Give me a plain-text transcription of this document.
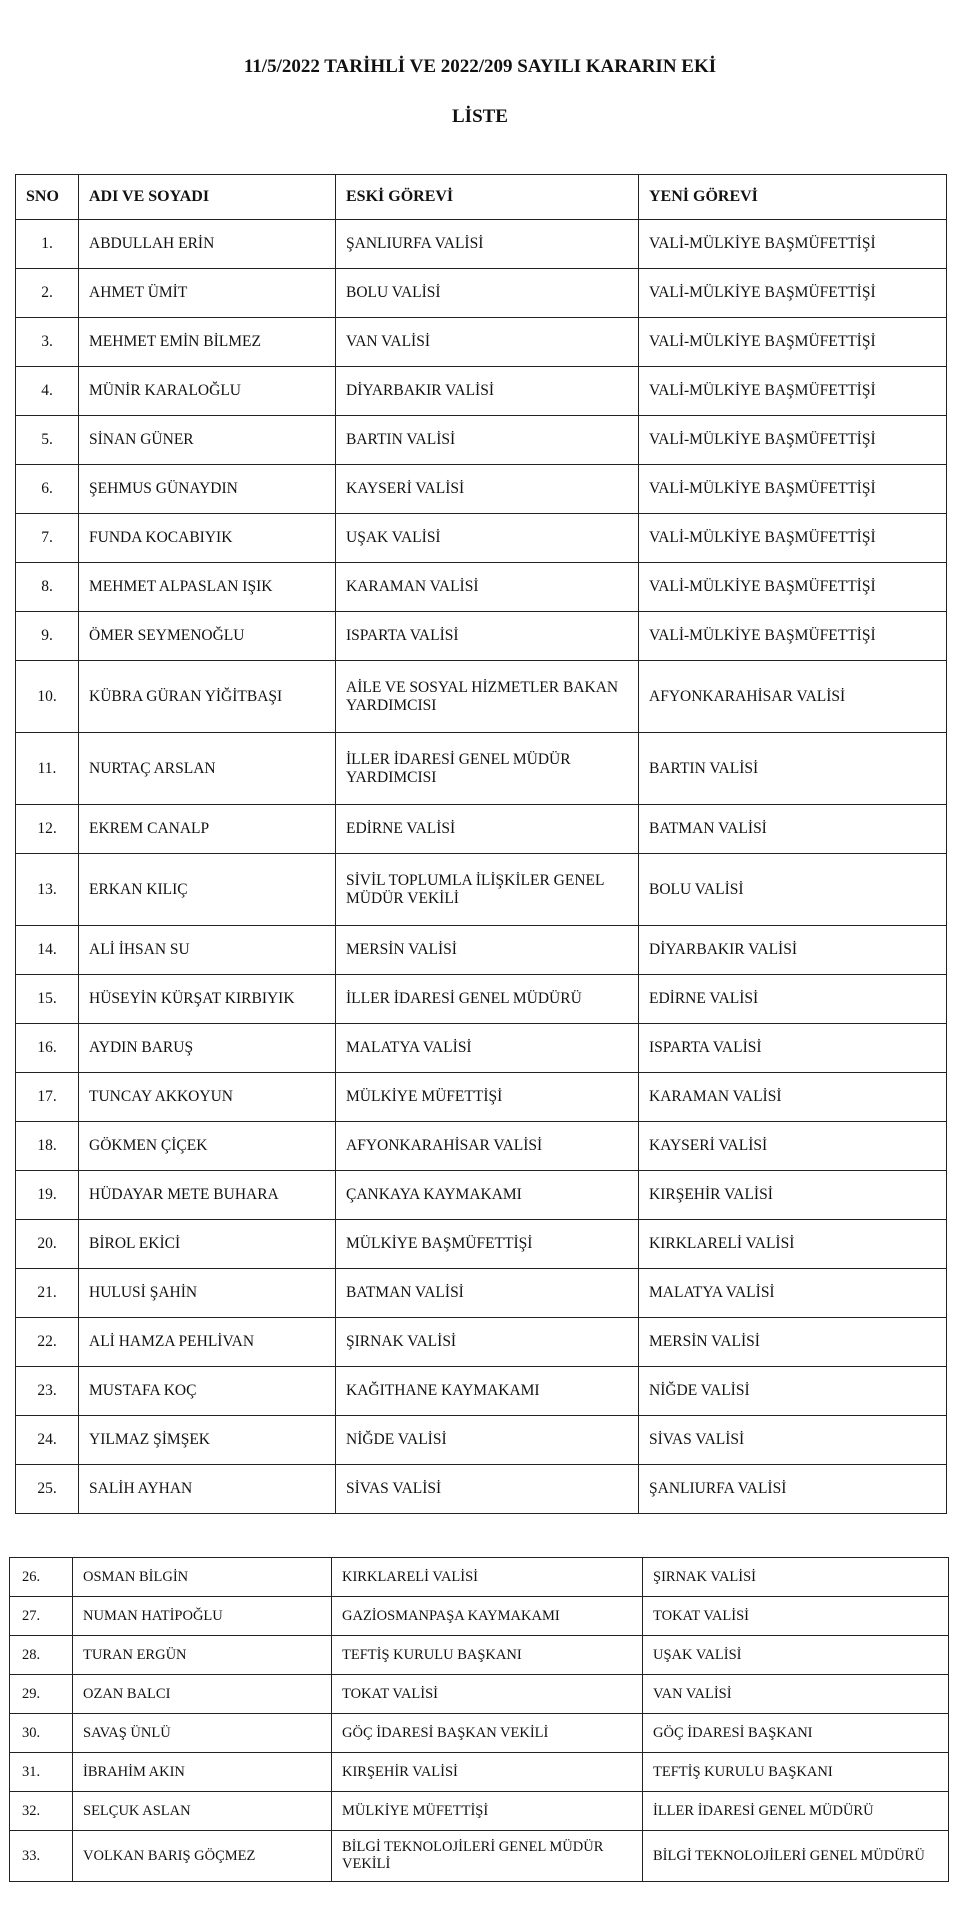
11/5/2022 TARİHLİ VE 2022/209 SAYILI KARARIN EKİ
LİSTE
SNO	ADI VE SOYADI	ESKİ GÖREVİ	YENİ GÖREVİ
1.	ABDULLAH ERİN	ŞANLIURFA VALİSİ	VALİ-MÜLKİYE BAŞMÜFETTİŞİ
2.	AHMET ÜMİT	BOLU VALİSİ	VALİ-MÜLKİYE BAŞMÜFETTİŞİ
3.	MEHMET EMİN BİLMEZ	VAN VALİSİ	VALİ-MÜLKİYE BAŞMÜFETTİŞİ
4.	MÜNİR KARALOĞLU	DİYARBAKIR VALİSİ	VALİ-MÜLKİYE BAŞMÜFETTİŞİ
5.	SİNAN GÜNER	BARTIN VALİSİ	VALİ-MÜLKİYE BAŞMÜFETTİŞİ
6.	ŞEHMUS GÜNAYDIN	KAYSERİ VALİSİ	VALİ-MÜLKİYE BAŞMÜFETTİŞİ
7.	FUNDA KOCABIYIK	UŞAK VALİSİ	VALİ-MÜLKİYE BAŞMÜFETTİŞİ
8.	MEHMET ALPASLAN IŞIK	KARAMAN VALİSİ	VALİ-MÜLKİYE BAŞMÜFETTİŞİ
9.	ÖMER SEYMENOĞLU	ISPARTA VALİSİ	VALİ-MÜLKİYE BAŞMÜFETTİŞİ
10.	KÜBRA GÜRAN YİĞİTBAŞI	AİLE VE SOSYAL HİZMETLER BAKAN YARDIMCISI	AFYONKARAHİSAR VALİSİ
11.	NURTAÇ ARSLAN	İLLER İDARESİ GENEL MÜDÜR YARDIMCISI	BARTIN VALİSİ
12.	EKREM CANALP	EDİRNE VALİSİ	BATMAN VALİSİ
13.	ERKAN KILIÇ	SİVİL TOPLUMLA İLİŞKİLER GENEL MÜDÜR VEKİLİ	BOLU VALİSİ
14.	ALİ İHSAN SU	MERSİN VALİSİ	DİYARBAKIR VALİSİ
15.	HÜSEYİN KÜRŞAT KIRBIYIK	İLLER İDARESİ GENEL MÜDÜRÜ	EDİRNE VALİSİ
16.	AYDIN BARUŞ	MALATYA VALİSİ	ISPARTA VALİSİ
17.	TUNCAY AKKOYUN	MÜLKİYE MÜFETTİŞİ	KARAMAN VALİSİ
18.	GÖKMEN ÇİÇEK	AFYONKARAHİSAR VALİSİ	KAYSERİ VALİSİ
19.	HÜDAYAR METE BUHARA	ÇANKAYA KAYMAKAMI	KIRŞEHİR VALİSİ
20.	BİROL EKİCİ	MÜLKİYE BAŞMÜFETTİŞİ	KIRKLARELİ VALİSİ
21.	HULUSİ ŞAHİN	BATMAN VALİSİ	MALATYA VALİSİ
22.	ALİ HAMZA PEHLİVAN	ŞIRNAK VALİSİ	MERSİN VALİSİ
23.	MUSTAFA KOÇ	KAĞITHANE KAYMAKAMI	NİĞDE VALİSİ
24.	YILMAZ ŞİMŞEK	NİĞDE VALİSİ	SİVAS VALİSİ
25.	SALİH AYHAN	SİVAS VALİSİ	ŞANLIURFA VALİSİ
26.	OSMAN BİLGİN	KIRKLARELİ VALİSİ	ŞIRNAK VALİSİ
27.	NUMAN HATİPOĞLU	GAZİOSMANPAŞA KAYMAKAMI	TOKAT VALİSİ
28.	TURAN ERGÜN	TEFTİŞ KURULU BAŞKANI	UŞAK VALİSİ
29.	OZAN BALCI	TOKAT VALİSİ	VAN VALİSİ
30.	SAVAŞ ÜNLÜ	GÖÇ İDARESİ BAŞKAN VEKİLİ	GÖÇ İDARESİ BAŞKANI
31.	İBRAHİM AKIN	KIRŞEHİR VALİSİ	TEFTİŞ KURULU BAŞKANI
32.	SELÇUK ASLAN	MÜLKİYE MÜFETTİŞİ	İLLER İDARESİ GENEL MÜDÜRÜ
33.	VOLKAN BARIŞ GÖÇMEZ	BİLGİ TEKNOLOJİLERİ GENEL MÜDÜR VEKİLİ	BİLGİ TEKNOLOJİLERİ GENEL MÜDÜRÜ
